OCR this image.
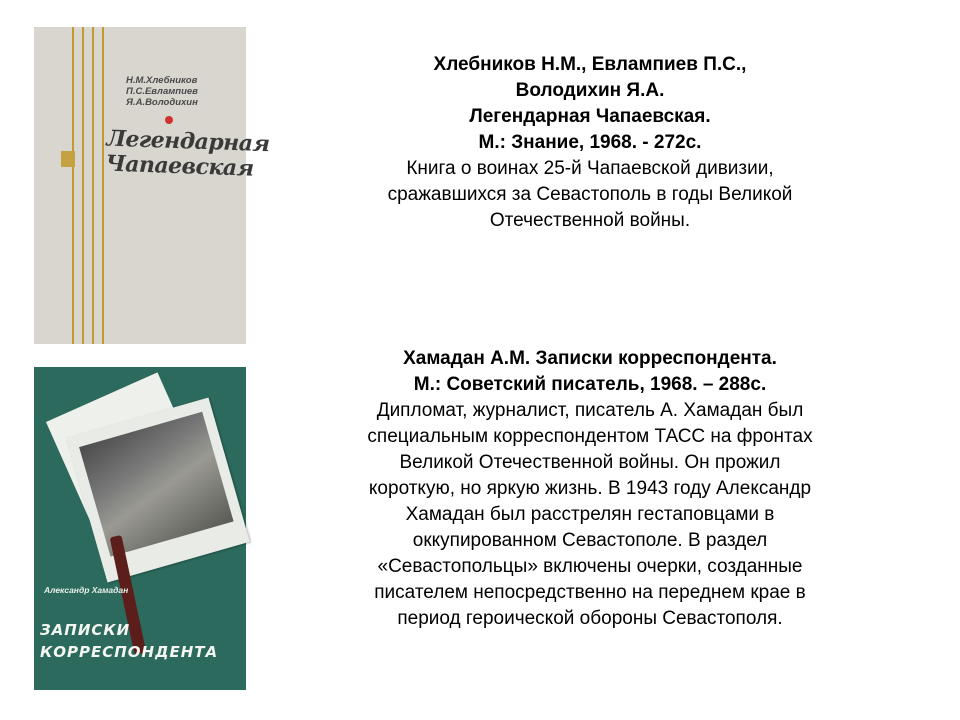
Н.М.Хлебников
П.С.Евлампиев
Я.А.Володихин
Легендарная
Чапаевская
Александр Хамадан
ЗАПИСКИ
КОРРЕСПОНДЕНТА
Хлебников Н.М., Евлампиев П.С.,
Володихин Я.А.
Легендарная Чапаевская.
М.: Знание, 1968. - 272с.
Книга о воинах 25-й Чапаевской дивизии,
сражавшихся за Севастополь в годы Великой
Отечественной войны.
Хамадан А.М. Записки корреспондента.
М.: Советский писатель, 1968. – 288с.
Дипломат, журналист, писатель А. Хамадан был
специальным корреспондентом ТАСС на фронтах
Великой Отечественной войны. Он прожил
короткую, но яркую жизнь. В 1943 году Александр
Хамадан был расстрелян гестаповцами в
оккупированном Севастополе. В раздел
«Севастопольцы» включены очерки, созданные
писателем непосредственно на переднем крае в
период героической обороны Севастополя.
